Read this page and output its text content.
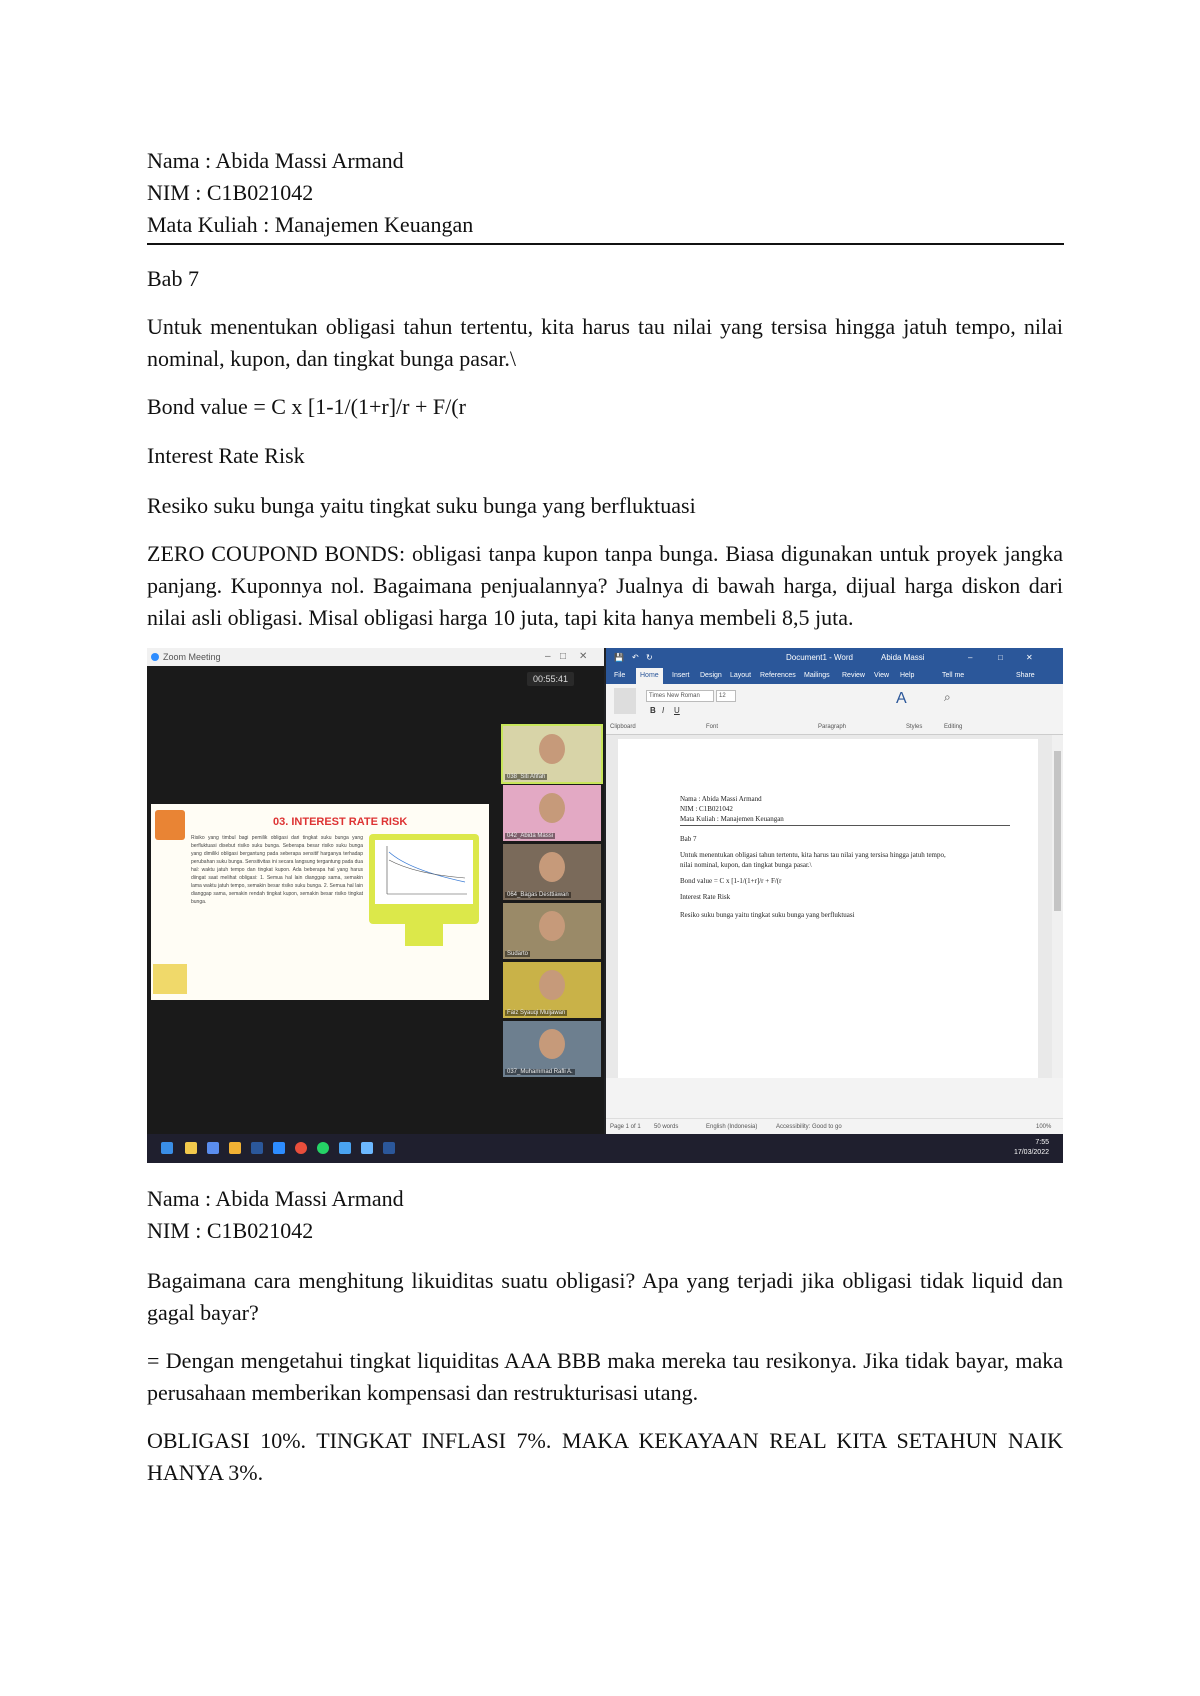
Nama : Abida Massi Armand
NIM : C1B021042
Mata Kuliah : Manajemen Keuangan
Bab 7
Untuk menentukan obligasi tahun tertentu, kita harus tau nilai yang tersisa hingga jatuh tempo, nilai nominal, kupon, dan tingkat bunga pasar.\
Bond value = C x [1-1/(1+r]/r + F/(r
Interest Rate Risk
Resiko suku bunga yaitu tingkat suku bunga yang berfluktuasi
ZERO COUPOND BONDS: obligasi tanpa kupon tanpa bunga. Biasa digunakan untuk proyek jangka panjang. Kuponnya nol. Bagaimana penjualannya? Jualnya di bawah harga, dijual harga diskon dari nilai asli obligasi. Misal obligasi harga 10 juta, tapi kita hanya membeli 8,5 juta.
Zoom Meeting	– □ ✕
00:55:41
03. INTEREST RATE RISK
Risiko yang timbul bagi pemilik obligasi dari tingkat suku bunga yang berfluktuasi disebut risiko suku bunga. Seberapa besar risiko suku bunga yang dimiliki obligasi bergantung pada seberapa sensitif harganya terhadap perubahan suku bunga. Sensitivitas ini secara langsung tergantung pada dua hal: waktu jatuh tempo dan tingkat kupon. Ada beberapa hal yang harus diingat saat melihat obligasi: 1. Semua hal lain dianggap sama, semakin lama waktu jatuh tempo, semakin besar risiko suku bunga. 2. Semua hal lain dianggap sama, semakin rendah tingkat kupon, semakin besar risiko tingkat bunga.
038_Siti Afifah
042_Abida Massi
064_Bagas Desttiawan
Sudarto
Faiz Syauqi Muljawan
037_Muhammad Rafli A.
💾 ↶ ↻	Document1 - Word	Abida Massi	–	□	✕
File	Home	Insert Design Layout References Mailings Review View Help	Tell me	Share
Times New Roman	12
B I U
A	⌕
Clipboard	Font	Paragraph	Styles	Editing
Nama : Abida Massi Armand
NIM : C1B021042
Mata Kuliah : Manajemen Keuangan
Bab 7
Untuk menentukan obligasi tahun tertentu, kita harus tau nilai yang tersisa hingga jatuh tempo,
nilai nominal, kupon, dan tingkat bunga pasar.\
Bond value = C x [1-1/(1+r]/r + F/(r
Interest Rate Risk
Resiko suku bunga yaitu tingkat suku bunga yang berfluktuasi
Page 1 of 1 50 words	English (Indonesia)	Accessibility: Good to go	100%
7:55
17/03/2022
Nama : Abida Massi Armand
NIM : C1B021042
Bagaimana cara menghitung likuiditas suatu obligasi? Apa yang terjadi jika obligasi tidak liquid dan gagal bayar?
= Dengan mengetahui tingkat liquiditas AAA BBB maka mereka tau resikonya. Jika tidak bayar, maka perusahaan memberikan kompensasi dan restrukturisasi utang.
OBLIGASI 10%. TINGKAT INFLASI 7%. MAKA KEKAYAAN REAL KITA SETAHUN NAIK HANYA 3%.
